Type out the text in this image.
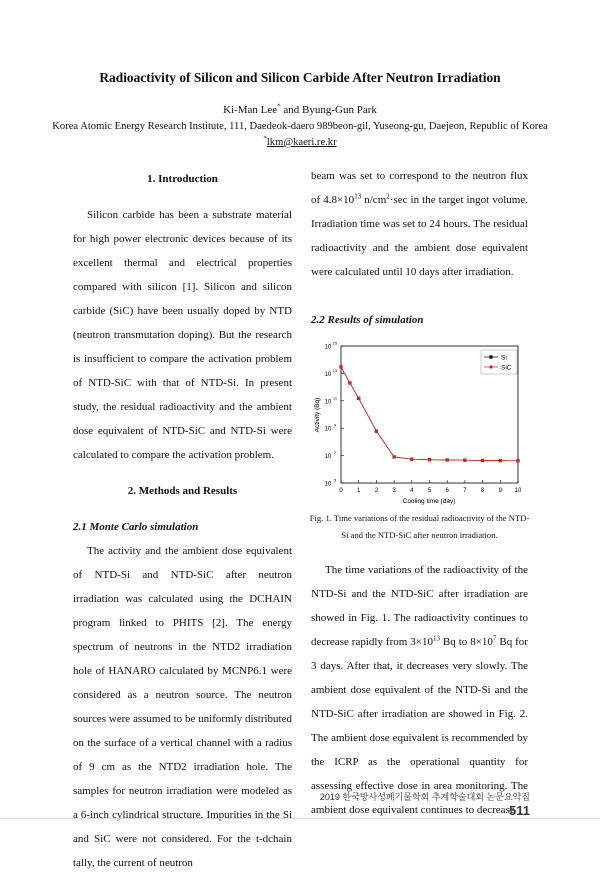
Radioactivity of Silicon and Silicon Carbide After Neutron Irradiation
Ki-Man Lee* and Byung-Gun Park
Korea Atomic Energy Research Institute, 111, Daedeok-daero 989beon-gil, Yuseong-gu, Daejeon, Republic of Korea
*lkm@kaeri.re.kr

1. Introduction

Silicon carbide has been a substrate material for high power electronic devices because of its excellent thermal and electrical properties compared with silicon [1]. Silicon and silicon carbide (SiC) have been usually doped by NTD (neutron transmutation doping). But the research is insufficient to compare the activation problem of NTD-SiC with that of NTD-Si. In present study, the residual radioactivity and the ambient dose equivalent of NTD-SiC and NTD-Si were calculated to compare the activation problem.

2. Methods and Results

2.1 Monte Carlo simulation

The activity and the ambient dose equivalent of NTD-Si and NTD-SiC after neutron irradiation was calculated using the DCHAIN program linked to PHITS [2]. The energy spectrum of neutrons in the NTD2 irradiation hole of HANARO calculated by MCNP6.1 were considered as a neutron source. The neutron sources were assumed to be uniformly distributed on the surface of a vertical channel with a radius of 9 cm as the NTD2 irradiation hole. The samples for neutron irradiation were modeled as a 6-inch cylindrical structure. Impurities in the Si and SiC were not considered. For the t-dchain tally, the current of neutron

beam was set to correspond to the neutron flux of $4.8\times 10^{13}$ $n/cm^2\cdot\sec$ in the target ingot volume. Irradiation time was set to 24 hours. The residual radioactivity and the ambient dose equivalent were calculated until 10 days after irradiation.

2.2 Results of simulation

10
5
10
7
10
9
10
11
10
13
10
15
0 1 2 3 4 5 6 7 8 9 10
Activity (Bq)
Cooling time (day)
Si
SiC
Fig. 1. Time variations of the residual radioactivity of the NTD-Si and the NTD-SiC after neutron irradiation.

The time variations of the radioactivity of the NTD-Si and the NTD-SiC after irradiation are showed in Fig. 1. The radioactivity continues to decrease rapidly from $3\times 10^{13}$ Bq to $8\times 10^7$ Bq for 3 days. After that, it decreases very slowly. The ambient dose equivalent of the NTD-Si and the NTD-SiC after irradiation are showed in Fig. 2. The ambient dose equivalent is recommended by the ICRP as the operational quantity for assessing effective dose in area monitoring. The ambient dose equivalent continues to decrease

2019 한국방사성폐기물학회 추계학술대회 논문요약집511
